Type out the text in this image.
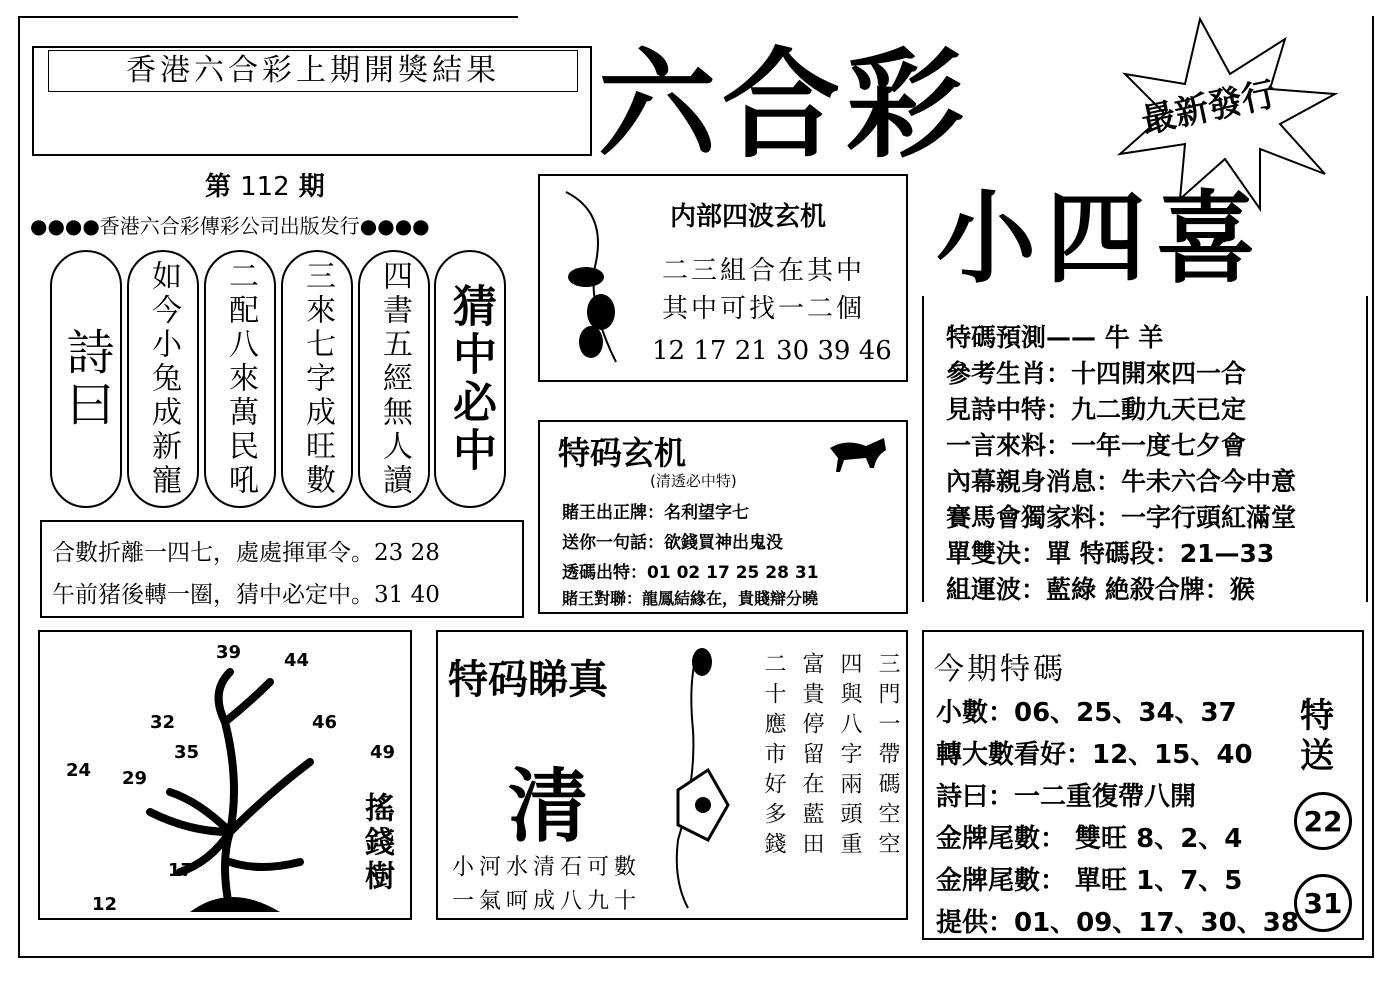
香港六合彩上期開獎結果
第 112 期
●●●●香港六合彩傳彩公司出版发行●●●●
六合彩
小四喜
最新發行
詩曰 如今小兔成新寵 二配八來萬民吼 三來七字成旺數 四書五經無人讀 猜中必中
合數折離一四七，處處揮軍令。23 28
午前猪後轉一圈，猜中必定中。31 40
内部四波玄机
二三組合在其中
其中可找一二個
12 17 21 30 39 46
特码玄机
(清透必中特)
賭王出正牌：名利望字七
送你一句話：欲錢買神出鬼没
透碼出特：01 02 17 25 28 31
賭王對聯：龍鳳結緣在，貴賤辯分曉
特碼預測—— 牛 羊
參考生肖：十四開來四一合
見詩中特：九二動九天已定
一言來料：一年一度七夕會
內幕親身消息：牛未六合今中意
賽馬會獨家料：一字行頭紅滿堂
單雙決：單 特碼段：21—33
組運波：藍綠 絶殺合牌：猴
39 44
32	46
35	49
24 29
17
12
搖錢樹
特码睇真
清
小河水清石可數
一氣呵成八九十
二十應市好多錢 富貴停留在藍田 四與八字兩頭重 三門一帶碼空空 今期特碼
小數：06、25、34、37
轉大數看好：12、15、40
詩曰：一二重復帶八開
金牌尾數： 雙旺 8、2、4
金牌尾數： 單旺 1、7、5
提供：01、09、17、30、38
特送
22
31
